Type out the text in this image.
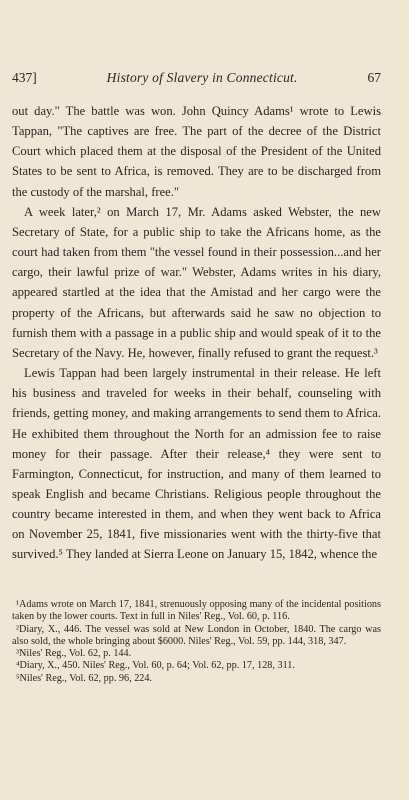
437]	History of Slavery in Connecticut.	67

out day." The battle was won. John Quincy Adams¹ wrote to Lewis Tappan, "The captives are free. The part of the decree of the District Court which placed them at the disposal of the President of the United States to be sent to Africa, is removed. They are to be discharged from the custody of the marshal, free."

A week later,² on March 17, Mr. Adams asked Webster, the new Secretary of State, for a public ship to take the Africans home, as the court had taken from them "the vessel found in their possession...and her cargo, their lawful prize of war." Webster, Adams writes in his diary, appeared startled at the idea that the Amistad and her cargo were the property of the Africans, but afterwards said he saw no objection to furnish them with a passage in a public ship and would speak of it to the Secretary of the Navy. He, however, finally refused to grant the request.³

Lewis Tappan had been largely instrumental in their release. He left his business and traveled for weeks in their behalf, counseling with friends, getting money, and making arrangements to send them to Africa. He exhibited them throughout the North for an admission fee to raise money for their passage. After their release,⁴ they were sent to Farmington, Connecticut, for instruction, and many of them learned to speak English and became Christians. Religious people throughout the country became interested in them, and when they went back to Africa on November 25, 1841, five missionaries went with the thirty-five that survived.⁵ They landed at Sierra Leone on January 15, 1842, whence the

¹Adams wrote on March 17, 1841, strenuously opposing many of the incidental positions taken by the lower courts. Text in full in Niles' Reg., Vol. 60, p. 116.

²Diary, X., 446. The vessel was sold at New London in October, 1840. The cargo was also sold, the whole bringing about $6000. Niles' Reg., Vol. 59, pp. 144, 318, 347.

³Niles' Reg., Vol. 62, p. 144.

⁴Diary, X., 450. Niles' Reg., Vol. 60, p. 64; Vol. 62, pp. 17, 128, 311.

⁵Niles' Reg., Vol. 62, pp. 96, 224.
